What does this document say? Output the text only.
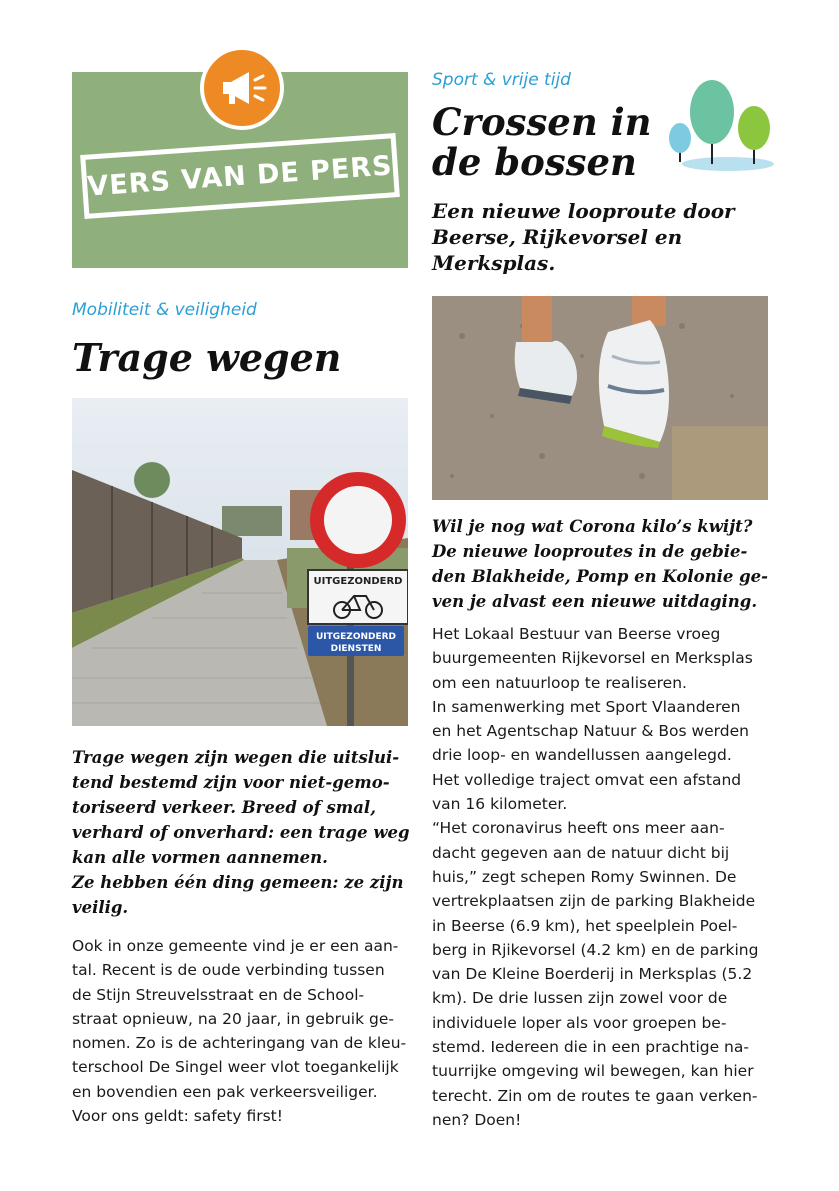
VERS VAN DE PERS
Mobiliteit & veiligheid
Trage wegen
UITGEZONDERD
UITGEZONDERD
DIENSTEN
Trage wegen zijn wegen die uitslui-
tend bestemd zijn voor niet-gemo-
toriseerd verkeer. Breed of smal,
verhard of onverhard: een trage weg
kan alle vormen aannemen.
Ze hebben één ding gemeen: ze zijn
veilig.
Ook in onze gemeente vind je er een aan-
tal. Recent is de oude verbinding tussen
de Stijn Streuvelsstraat en de School-
straat opnieuw, na 20 jaar, in gebruik ge-
nomen. Zo is de achteringang van de kleu-
terschool De Singel weer vlot toegankelijk
en bovendien een pak verkeersveiliger.
Voor ons geldt: safety first!
Sport & vrije tijd
Crossen in
de bossen
Een nieuwe looproute door
Beerse, Rijkevorsel en
Merksplas.
Wil je nog wat Corona kilo’s kwijt?
De nieuwe looproutes in de gebie-
den Blakheide, Pomp en Kolonie ge-
ven je alvast een nieuwe uitdaging.
Het Lokaal Bestuur van Beerse vroeg
buurgemeenten Rijkevorsel en Merksplas
om een natuurloop te realiseren.
In samenwerking met Sport Vlaanderen
en het Agentschap Natuur & Bos werden
drie loop- en wandellussen aangelegd.
Het volledige traject omvat een afstand
van 16 kilometer.
“Het coronavirus heeft ons meer aan-
dacht gegeven aan de natuur dicht bij
huis,” zegt schepen Romy Swinnen. De
vertrekplaatsen zijn de parking Blakheide
in Beerse (6.9 km), het speelplein Poel-
berg in Rjikevorsel (4.2 km) en de parking
van De Kleine Boerderij in Merksplas (5.2
km). De drie lussen zijn zowel voor de
individuele loper als voor groepen be-
stemd. Iedereen die in een prachtige na-
tuurrijke omgeving wil bewegen, kan hier
terecht. Zin om de routes te gaan verken-
nen? Doen!
